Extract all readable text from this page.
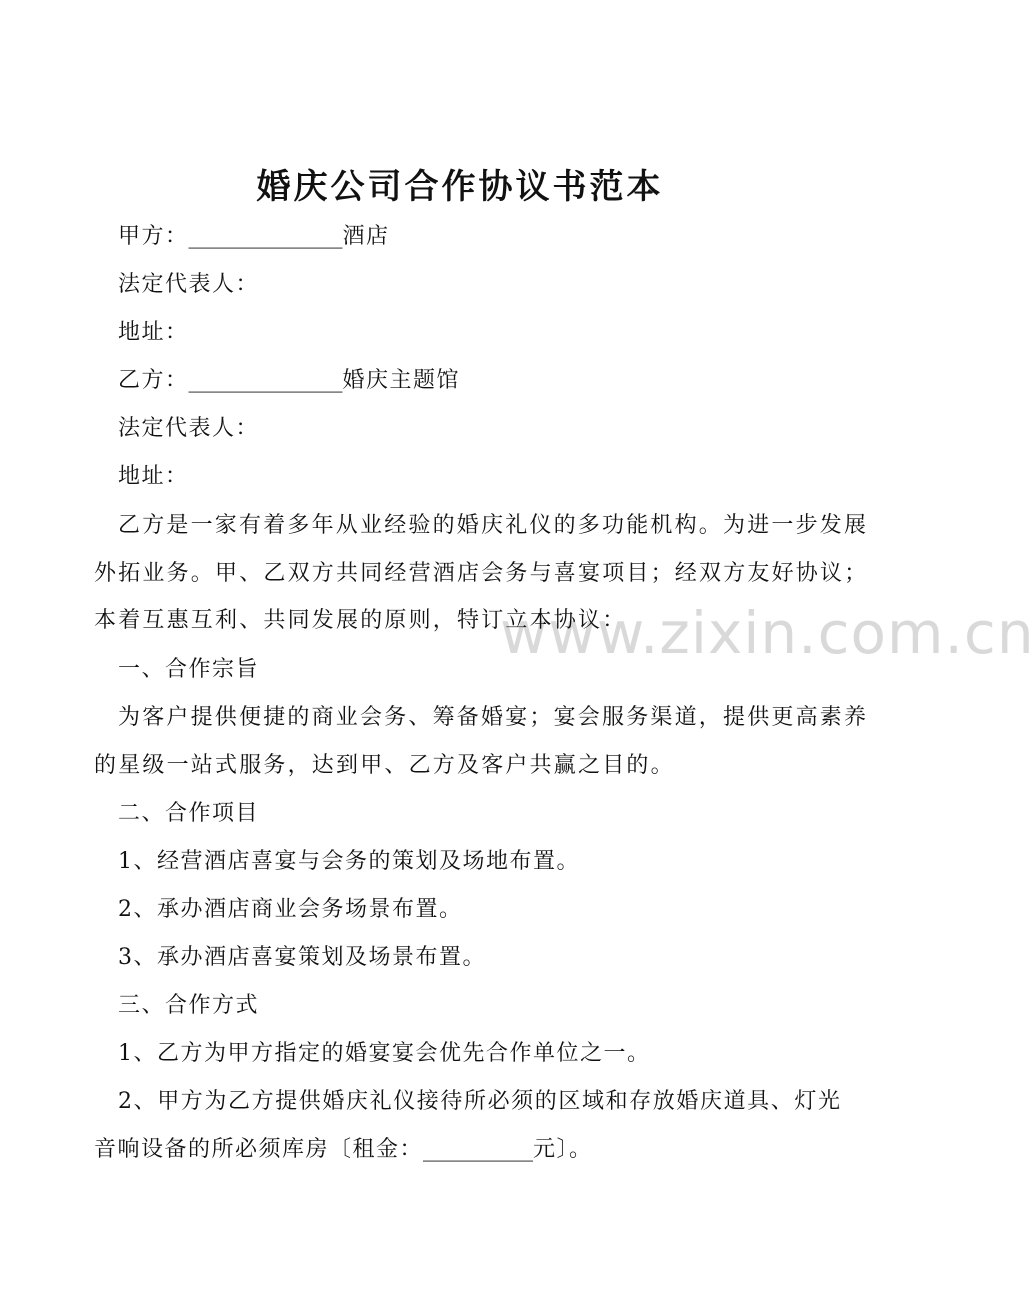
www.zixin.com.cn
婚庆公司合作协议书范本
甲方：______________酒店
法定代表人：
地址：
乙方：______________婚庆主题馆
法定代表人：
地址：
乙方是一家有着多年从业经验的婚庆礼仪的多功能机构。为进一步发展
外拓业务。甲、乙双方共同经营酒店会务与喜宴项目；经双方友好协议；
本着互惠互利、共同发展的原则，特订立本协议：
一、合作宗旨
为客户提供便捷的商业会务、筹备婚宴；宴会服务渠道，提供更高素养
的星级一站式服务，达到甲、乙方及客户共赢之目的。
二、合作项目
1、经营酒店喜宴与会务的策划及场地布置。
2、承办酒店商业会务场景布置。
3、承办酒店喜宴策划及场景布置。
三、合作方式
1、乙方为甲方指定的婚宴宴会优先合作单位之一。
2、甲方为乙方提供婚庆礼仪接待所必须的区域和存放婚庆道具、灯光
音响设备的所必须库房〔租金：__________元〕。
